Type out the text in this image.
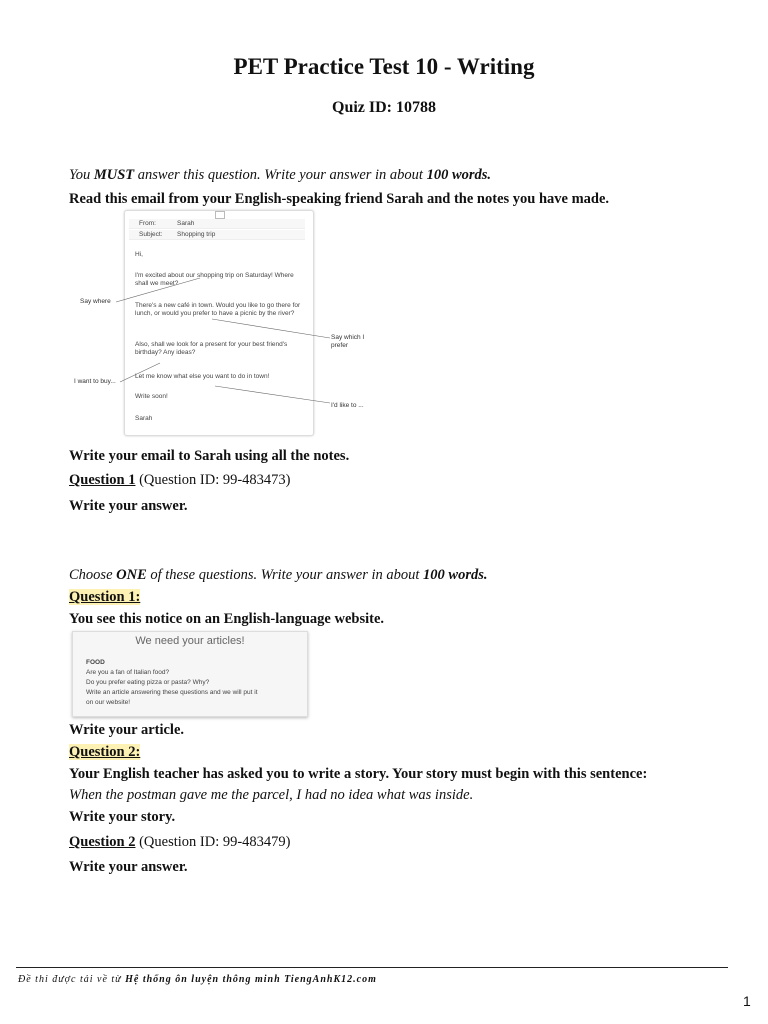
PET Practice Test 10 - Writing
Quiz ID: 10788
You MUST answer this question. Write your answer in about 100 words.
Read this email from your English-speaking friend Sarah and the notes you have made.
From:	Sarah
Subject: Shopping trip
Hi,
I'm excited about our shopping trip on Saturday! Where shall we meet?
There's a new café in town. Would you like to go there for lunch, or would you prefer to have a picnic by the river?
Also, shall we look for a present for your best friend's birthday? Any ideas?
Let me know what else you want to do in town!
Write soon!
Sarah
Say where
Say which I prefer
I want to buy...
I'd like to ...
Write your email to Sarah using all the notes.
Question 1 (Question ID: 99-483473)
Write your answer.
Choose ONE of these questions. Write your answer in about 100 words.
Question 1:
You see this notice on an English-language website.
We need your articles!
FOOD
Are you a fan of Italian food?
Do you prefer eating pizza or pasta? Why?
Write an article answering these questions and we will put it
on our website!
Write your article.
Question 2:
Your English teacher has asked you to write a story. Your story must begin with this sentence:
When the postman gave me the parcel, I had no idea what was inside.
Write your story.
Question 2 (Question ID: 99-483479)
Write your answer.
Đề thi được tải về từ Hệ thống ôn luyện thông minh TiengAnhK12.com
1
